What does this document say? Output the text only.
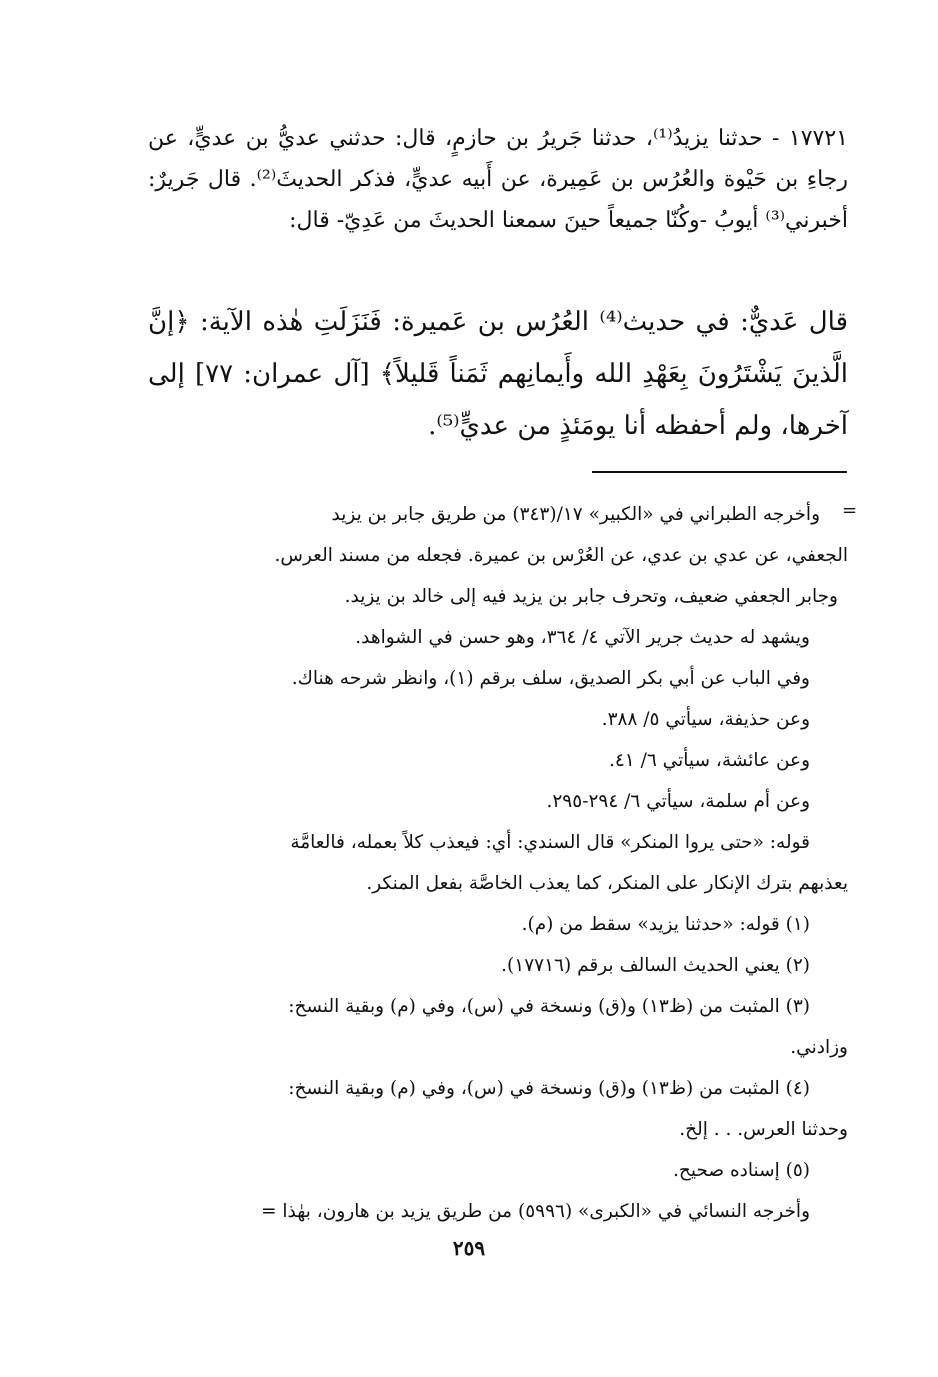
١٧٧٢١ - حدثنا يزيدُ⁽¹⁾، حدثنا جَريرُ بن حازمٍ، قال: حدثني عديُّ بن عديٍّ، عن رجاءِ بن حَيْوة والعُرُس بن عَمِيرة، عن أَبيه عديٍّ، فذكر الحديثَ⁽²⁾. قال جَريرٌ: أخبرني⁽³⁾ أيوبُ -وكُنّا جميعاً حينَ سمعنا الحديثَ من عَدِيّ- قال:

قال عَديٌّ: في حديث⁽⁴⁾ العُرُس بن عَميرة: فَنَزَلَتِ هٰذه الآية: ﴿إنَّ الَّذينَ يَشْتَرُونَ بِعَهْدِ الله وأَيمانِهم ثَمَناً قَليلاً﴾ [آل عمران: ٧٧] إلى آخرها، ولم أحفظه أنا يومَئذٍ من عديٍّ⁽⁵⁾.

=

وأخرجه الطبراني في «الكبير» ١٧/(٣٤٣) من طريق جابر بن يزيد

الجعفي، عن عدي بن عدي، عن العُرْس بن عميرة. فجعله من مسند العرس.

وجابر الجعفي ضعيف، وتحرف جابر بن يزيد فيه إلى خالد بن يزيد.

ويشهد له حديث جرير الآتي ٤/ ٣٦٤، وهو حسن في الشواهد.

وفي الباب عن أبي بكر الصديق، سلف برقم (١)، وانظر شرحه هناك.

وعن حذيفة، سيأتي ٥/ ٣٨٨.

وعن عائشة، سيأتي ٦/ ٤١.

وعن أم سلمة، سيأتي ٦/ ٢٩٤-٢٩٥.

قوله: «حتى يروا المنكر» قال السندي: أي: فيعذب كلاً بعمله، فالعامَّة

يعذبهم بترك الإنكار على المنكر، كما يعذب الخاصَّة بفعل المنكر.

(١) قوله: «حدثنا يزيد» سقط من (م).

(٢) يعني الحديث السالف برقم (١٧٧١٦).

(٣) المثبت من (ظ١٣) و(ق) ونسخة في (س)، وفي (م) وبقية النسخ:

وزادني.

(٤) المثبت من (ظ١٣) و(ق) ونسخة في (س)، وفي (م) وبقية النسخ:

وحدثنا العرس. . . إلخ.

(٥) إسناده صحيح.

وأخرجه النسائي في «الكبرى» (٥٩٩٦) من طريق يزيد بن هارون، بهٰذا =

٢٥٩
